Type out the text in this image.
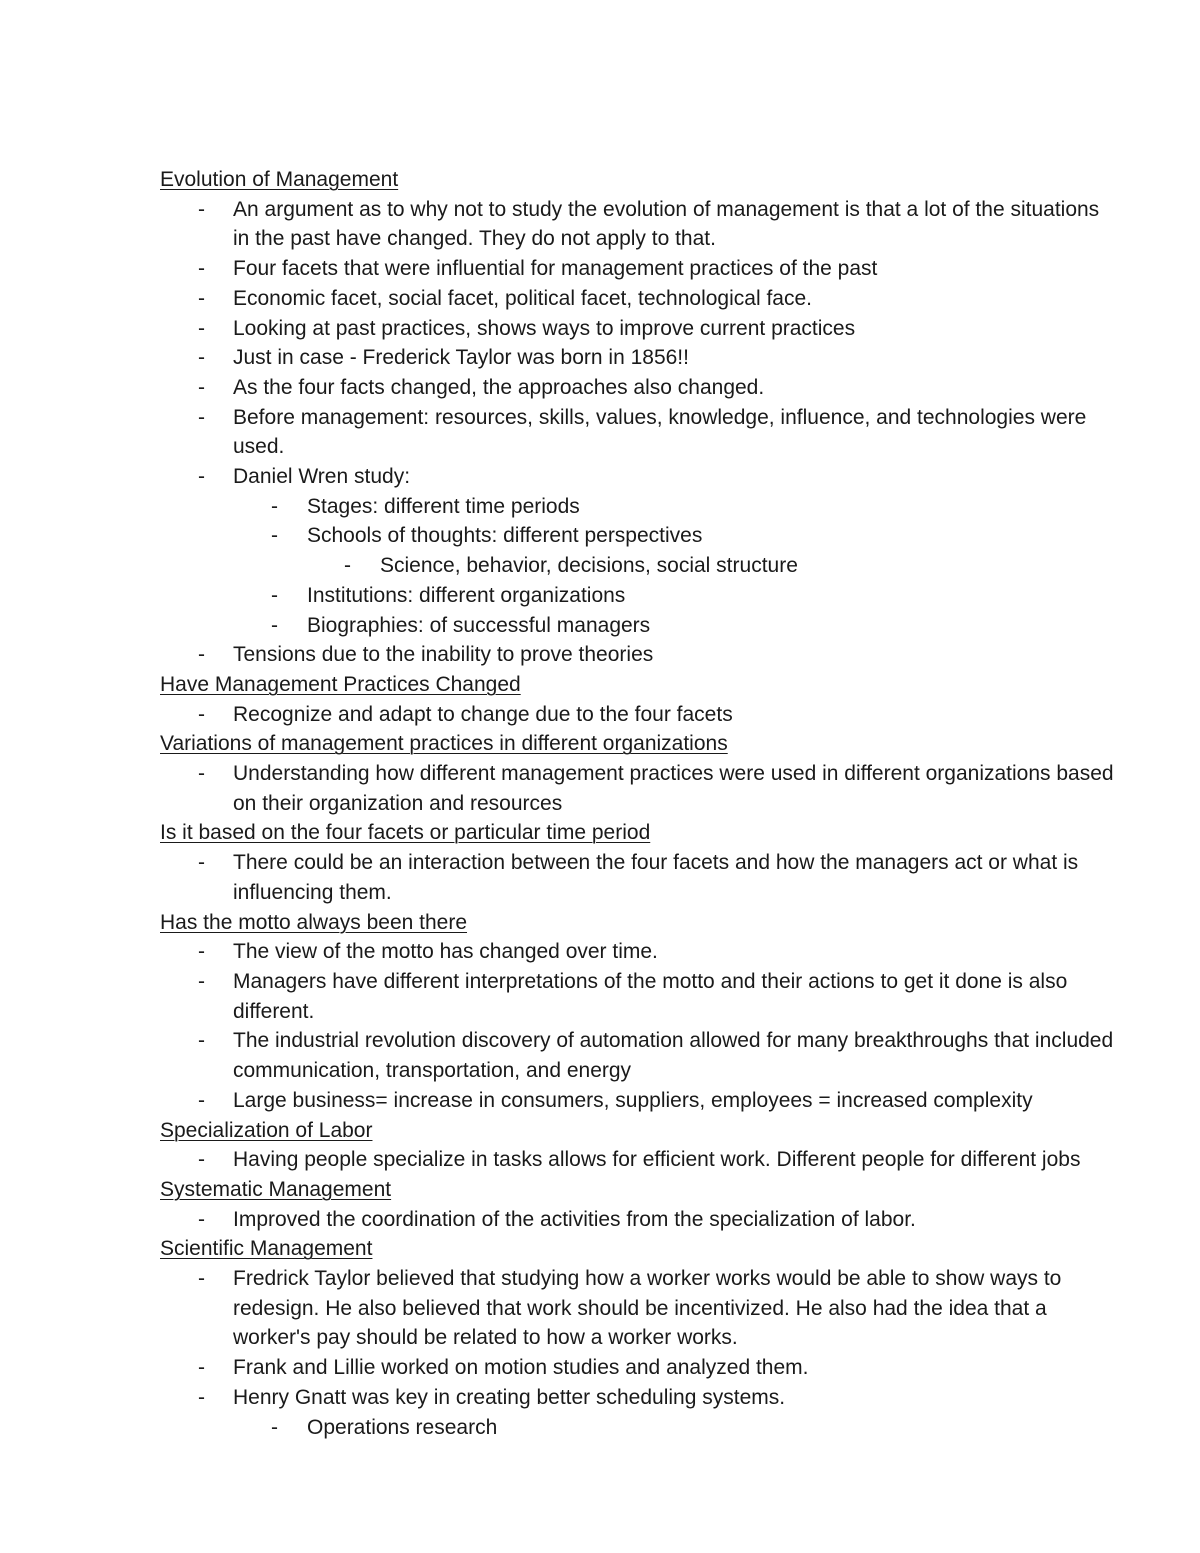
Evolution of Management
- An argument as to why not to study the evolution of management is that a lot of the situations in the past have changed. They do not apply to that.
- Four facets that were influential for management practices of the past
- Economic facet, social facet, political facet, technological face.
- Looking at past practices, shows ways to improve current practices
- Just in case - Frederick Taylor was born in 1856!!
- As the four facts changed, the approaches also changed.
- Before management: resources, skills, values, knowledge, influence, and technologies were used.
- Daniel Wren study:
- Stages: different time periods
- Schools of thoughts: different perspectives
- Science, behavior, decisions, social structure
- Institutions: different organizations
- Biographies: of successful managers
- Tensions due to the inability to prove theories
Have Management Practices Changed
- Recognize and adapt to change due to the four facets
Variations of management practices in different organizations
- Understanding how different management practices were used in different organizations based on their organization and resources
Is it based on the four facets or particular time period
- There could be an interaction between the four facets and how the managers act or what is influencing them.
Has the motto always been there
- The view of the motto has changed over time.
- Managers have different interpretations of the motto and their actions to get it done is also different.
- The industrial revolution discovery of automation allowed for many breakthroughs that included communication, transportation, and energy
- Large business= increase in consumers, suppliers, employees = increased complexity
Specialization of Labor
- Having people specialize in tasks allows for efficient work. Different people for different jobs
Systematic Management
- Improved the coordination of the activities from the specialization of labor.
Scientific Management
- Fredrick Taylor believed that studying how a worker works would be able to show ways to redesign. He also believed that work should be incentivized. He also had the idea that a worker's pay should be related to how a worker works.
- Frank and Lillie worked on motion studies and analyzed them.
- Henry Gnatt was key in creating better scheduling systems.
- Operations research
